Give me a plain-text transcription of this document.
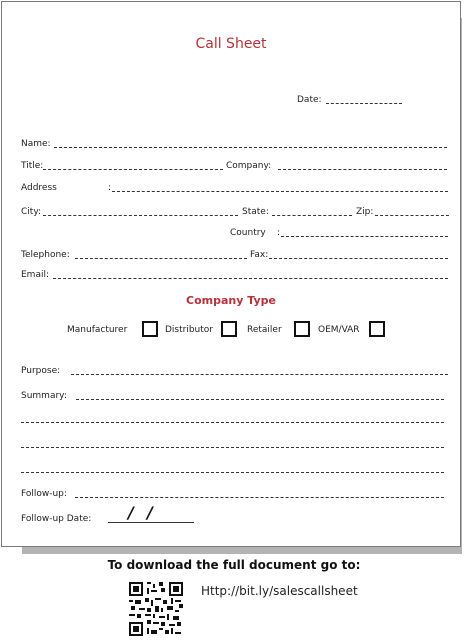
Call Sheet
Date:
Name:
Title:	Company:
Address	:
City:	State:	Zip:
Country :
Telephone:	Fax:
Email:
Company Type
Manufacturer	Distributor	Retailer	OEM/VAR
Purpose:
Summary:
Follow-up:
Follow-up Date: / /
To download the full document go to:
Http://bit.ly/salescallsheet
